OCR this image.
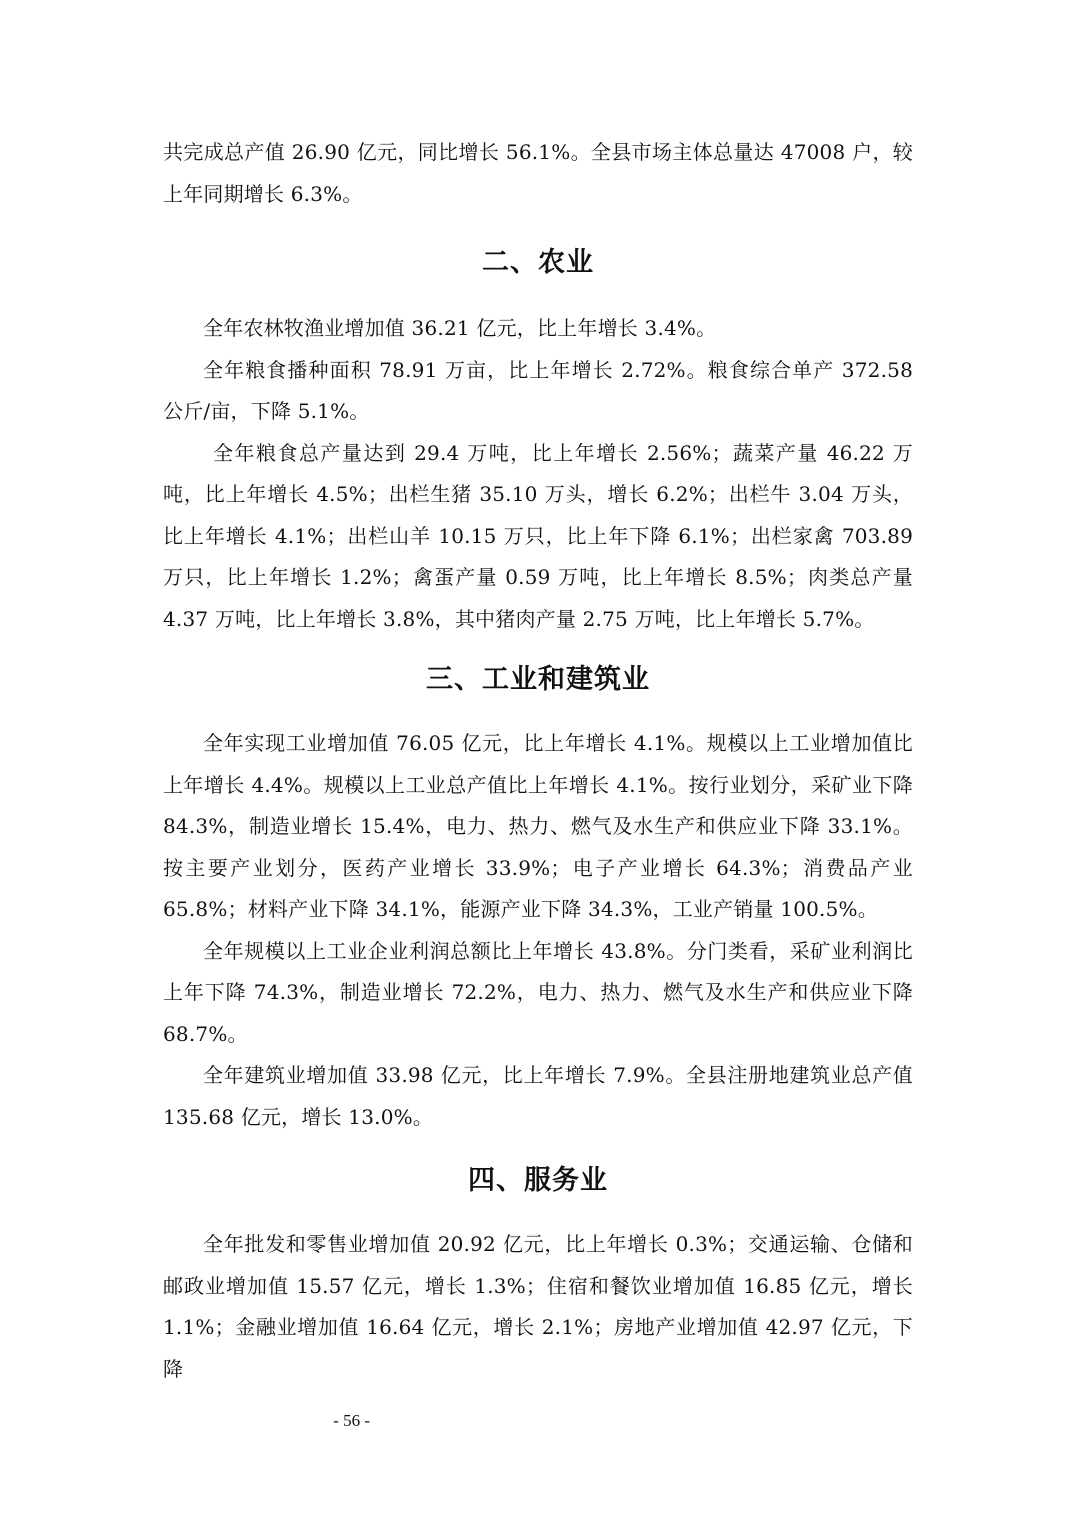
共完成总产值 26.90 亿元，同比增长 56.1%。全县市场主体总量达 47008 户，较上年同期增长 6.3%。

二、农业

全年农林牧渔业增加值 36.21 亿元，比上年增长 3.4%。

全年粮食播种面积 78.91 万亩，比上年增长 2.72%。粮食综合单产 372.58 公斤/亩，下降 5.1%。

全年粮食总产量达到 29.4 万吨，比上年增长 2.56%；蔬菜产量 46.22 万吨，比上年增长 4.5%；出栏生猪 35.10 万头，增长 6.2%；出栏牛 3.04 万头，比上年增长 4.1%；出栏山羊 10.15 万只，比上年下降 6.1%；出栏家禽 703.89 万只，比上年增长 1.2%；禽蛋产量 0.59 万吨，比上年增长 8.5%；肉类总产量 4.37 万吨，比上年增长 3.8%，其中猪肉产量 2.75 万吨，比上年增长 5.7%。

三、工业和建筑业

全年实现工业增加值 76.05 亿元，比上年增长 4.1%。规模以上工业增加值比上年增长 4.4%。规模以上工业总产值比上年增长 4.1%。按行业划分，采矿业下降 84.3%，制造业增长 15.4%，电力、热力、燃气及水生产和供应业下降 33.1%。按主要产业划分，医药产业增长 33.9%；电子产业增长 64.3%；消费品产业 65.8%；材料产业下降 34.1%，能源产业下降 34.3%，工业产销量 100.5%。

全年规模以上工业企业利润总额比上年增长 43.8%。分门类看，采矿业利润比上年下降 74.3%，制造业增长 72.2%，电力、热力、燃气及水生产和供应业下降 68.7%。

全年建筑业增加值 33.98 亿元，比上年增长 7.9%。全县注册地建筑业总产值 135.68 亿元，增长 13.0%。

四、服务业

全年批发和零售业增加值 20.92 亿元，比上年增长 0.3%；交通运输、仓储和邮政业增加值 15.57 亿元，增长 1.3%；住宿和餐饮业增加值 16.85 亿元，增长 1.1%；金融业增加值 16.64 亿元，增长 2.1%；房地产业增加值 42.97 亿元，下降

- 56 -
